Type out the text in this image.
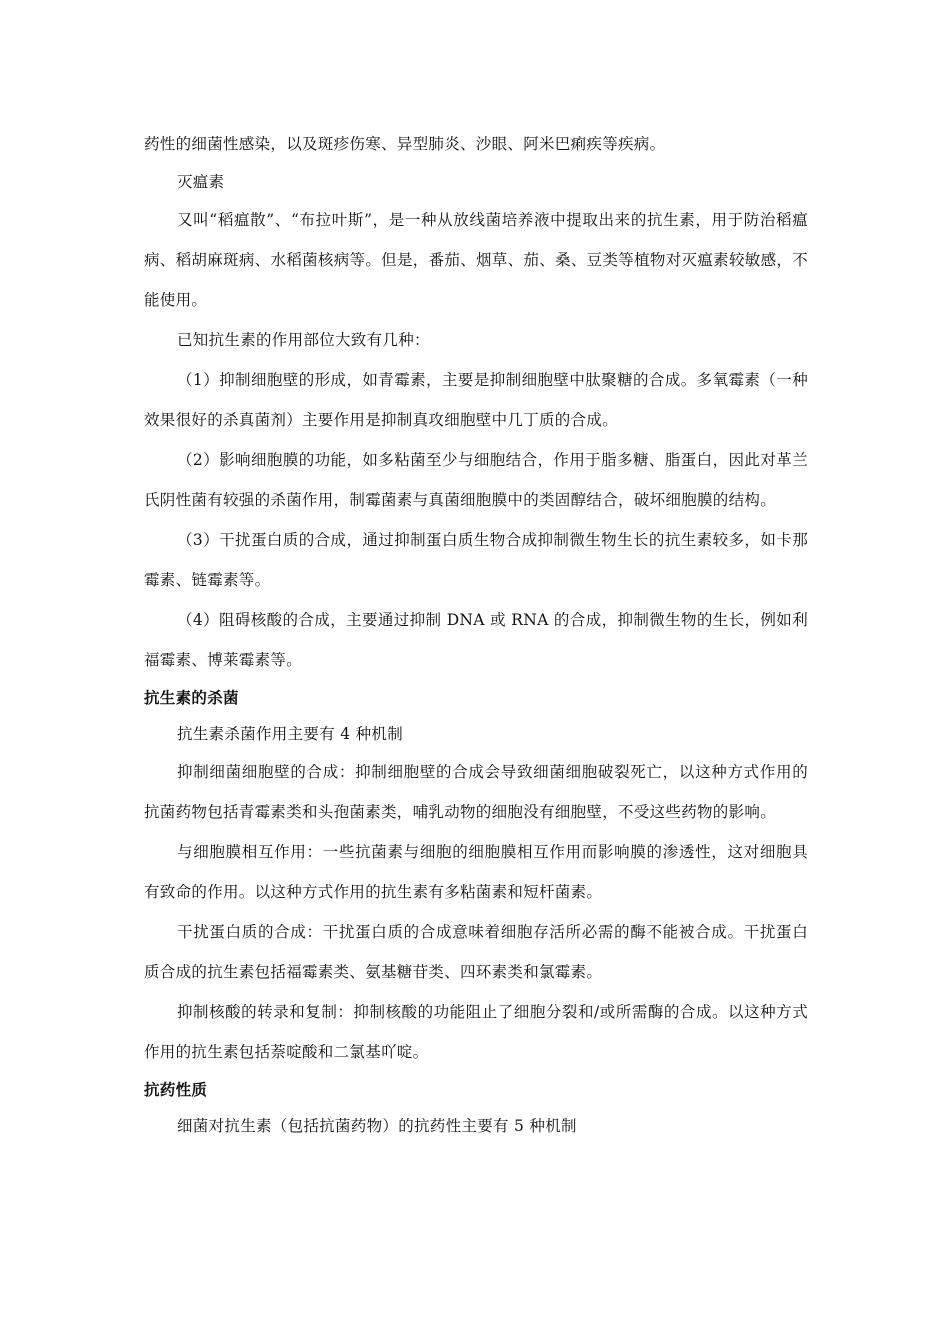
药性的细菌性感染，以及斑疹伤寒、异型肺炎、沙眼、阿米巴痢疾等疾病。

灭瘟素

又叫“稻瘟散”、“布拉叶斯”，是一种从放线菌培养液中提取出来的抗生素，用于防治稻瘟病、稻胡麻斑病、水稻菌核病等。但是，番茄、烟草、茄、桑、豆类等植物对灭瘟素较敏感，不能使用。

已知抗生素的作用部位大致有几种：

（1）抑制细胞壁的形成，如青霉素，主要是抑制细胞壁中肽聚糖的合成。多氧霉素（一种效果很好的杀真菌剂）主要作用是抑制真攻细胞壁中几丁质的合成。

（2）影响细胞膜的功能，如多粘菌至少与细胞结合，作用于脂多糖、脂蛋白，因此对革兰氏阴性菌有较强的杀菌作用，制霉菌素与真菌细胞膜中的类固醇结合，破坏细胞膜的结构。

（3）干扰蛋白质的合成，通过抑制蛋白质生物合成抑制微生物生长的抗生素较多，如卡那霉素、链霉素等。

（4）阻碍核酸的合成，主要通过抑制 DNA 或 RNA 的合成，抑制微生物的生长，例如利福霉素、博莱霉素等。

抗生素的杀菌

抗生素杀菌作用主要有 4 种机制

抑制细菌细胞壁的合成：抑制细胞壁的合成会导致细菌细胞破裂死亡，以这种方式作用的抗菌药物包括青霉素类和头孢菌素类，哺乳动物的细胞没有细胞壁，不受这些药物的影响。

与细胞膜相互作用：一些抗菌素与细胞的细胞膜相互作用而影响膜的渗透性，这对细胞具有致命的作用。以这种方式作用的抗生素有多粘菌素和短杆菌素。

干扰蛋白质的合成：干扰蛋白质的合成意味着细胞存活所必需的酶不能被合成。干扰蛋白质合成的抗生素包括福霉素类、氨基糖苷类、四环素类和氯霉素。

抑制核酸的转录和复制：抑制核酸的功能阻止了细胞分裂和/或所需酶的合成。以这种方式作用的抗生素包括萘啶酸和二氯基吖啶。

抗药性质

细菌对抗生素（包括抗菌药物）的抗药性主要有 5 种机制
